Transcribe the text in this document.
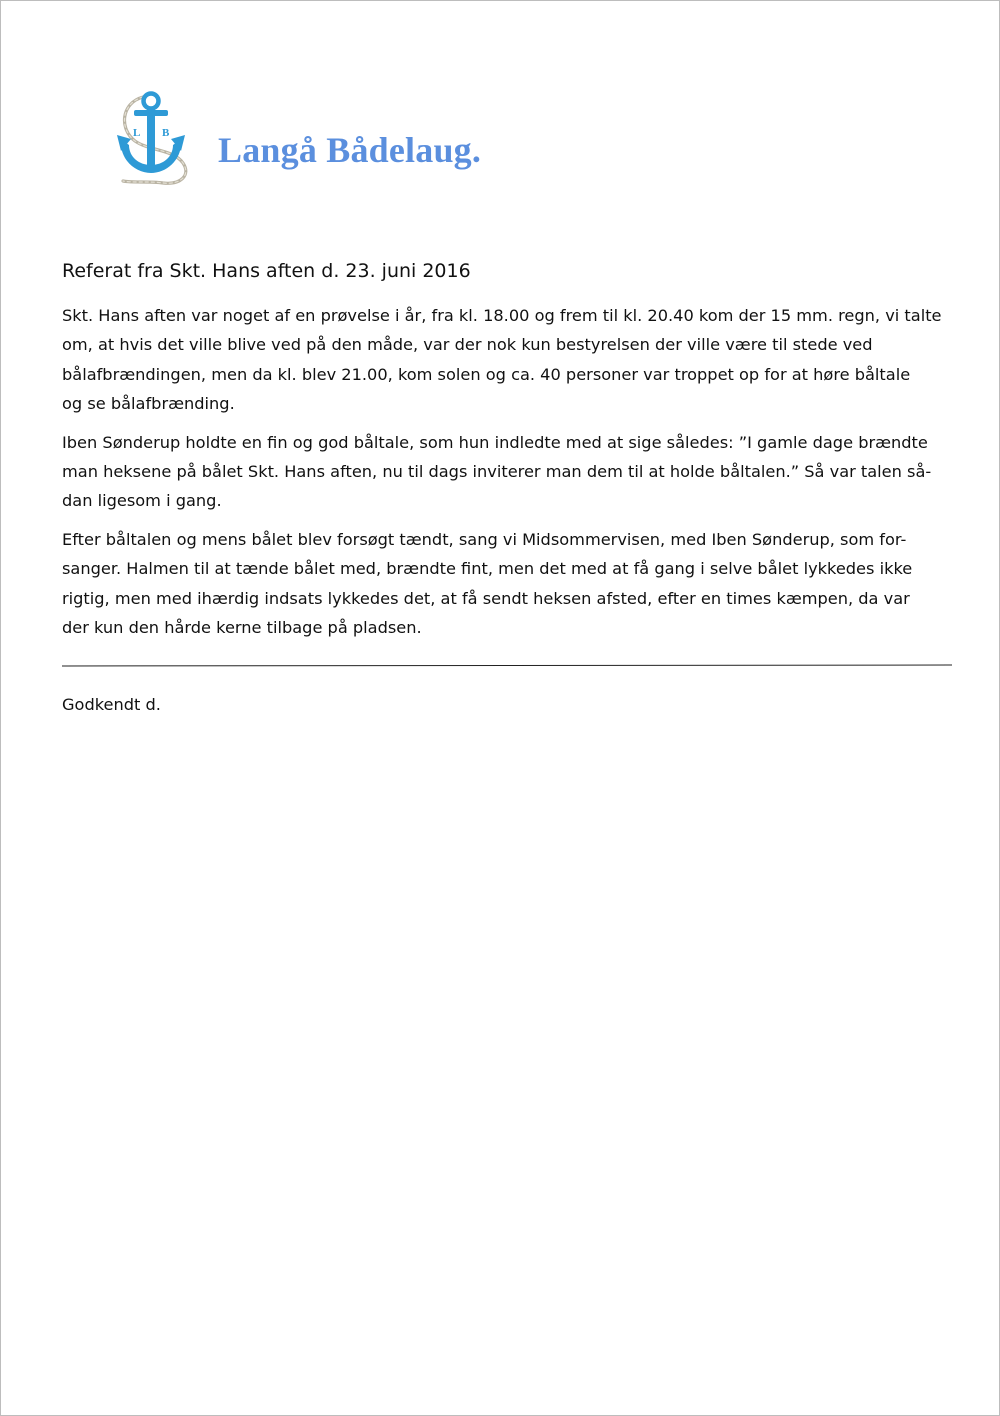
L B Langå Bådelaug.
Referat fra Skt. Hans aften d. 23. juni 2016

Skt. Hans aften var noget af en prøvelse i år, fra kl. 18.00 og frem til kl. 20.40 kom der 15 mm. regn, vi talte
om, at hvis det ville blive ved på den måde, var der nok kun bestyrelsen der ville være til stede ved
bålafbrændingen, men da kl. blev 21.00, kom solen og ca. 40 personer var troppet op for at høre båltale
og se bålafbrænding.

Iben Sønderup holdte en fin og god båltale, som hun indledte med at sige således: ”I gamle dage brændte
man heksene på bålet Skt. Hans aften, nu til dags inviterer man dem til at holde båltalen.” Så var talen så-
dan ligesom i gang.

Efter båltalen og mens bålet blev forsøgt tændt, sang vi Midsommervisen, med Iben Sønderup, som for-
sanger. Halmen til at tænde bålet med, brændte fint, men det med at få gang i selve bålet lykkedes ikke
rigtig, men med ihærdig indsats lykkedes det, at få sendt heksen afsted, efter en times kæmpen, da var
der kun den hårde kerne tilbage på pladsen.

Godkendt d.
